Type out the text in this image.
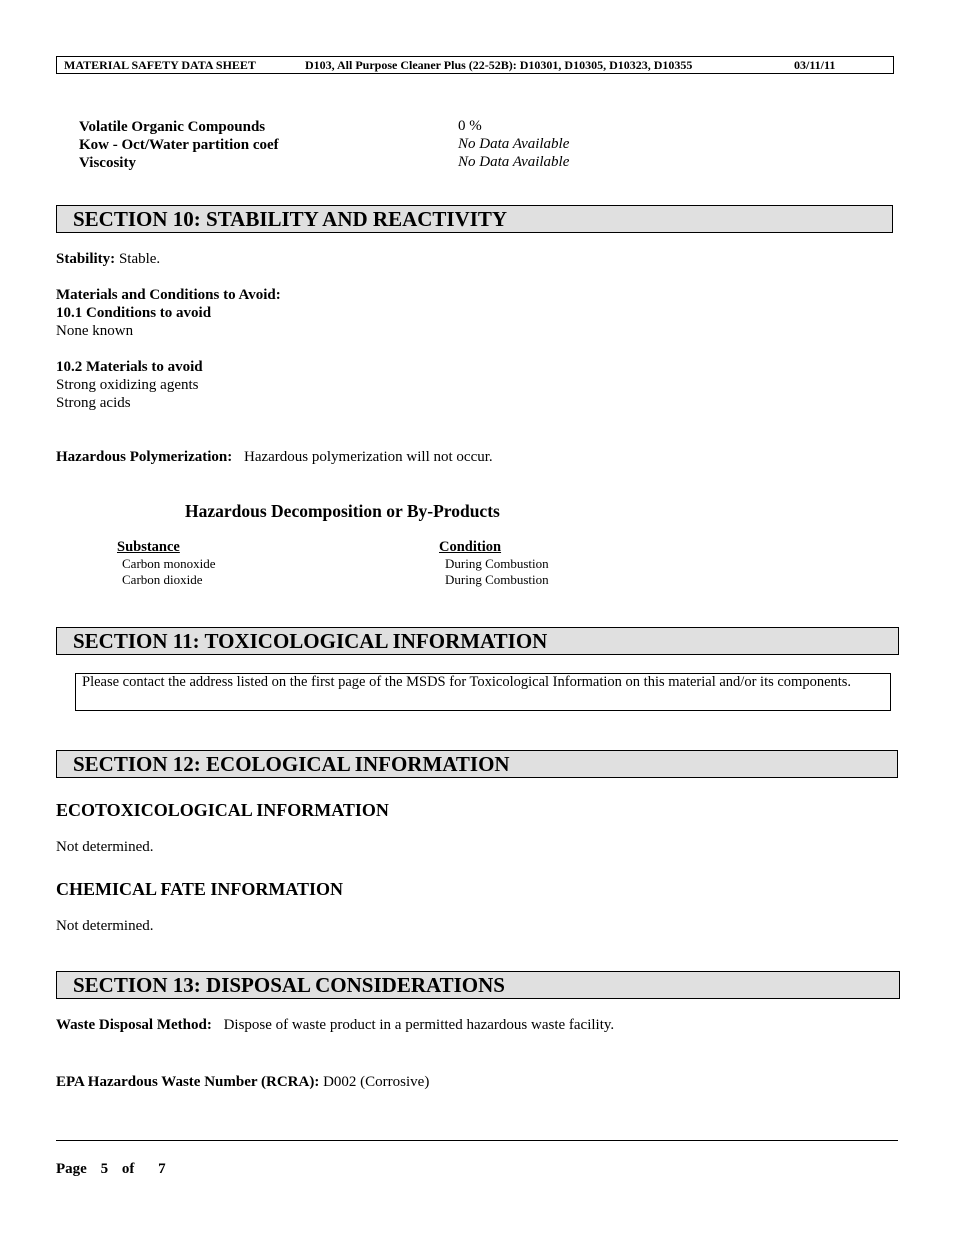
MATERIAL SAFETY DATA SHEET	D103, All Purpose Cleaner Plus (22-52B): D10301, D10305, D10323, D10355	03/11/11
Volatile Organic Compounds	0 %
Kow - Oct/Water partition coef	No Data Available
Viscosity	No Data Available
SECTION 10: STABILITY AND REACTIVITY
Stability: Stable.
Materials and Conditions to Avoid:
10.1 Conditions to avoid
None known
10.2 Materials to avoid
Strong oxidizing agents
Strong acids
Hazardous Polymerization: Hazardous polymerization will not occur.
Hazardous Decomposition or By-Products
Substance	Condition
Carbon monoxide	During Combustion
Carbon dioxide	During Combustion
SECTION 11: TOXICOLOGICAL INFORMATION
Please contact the address listed on the first page of the MSDS for Toxicological Information on this material and/or its components.
SECTION 12: ECOLOGICAL INFORMATION
ECOTOXICOLOGICAL INFORMATION
Not determined.
CHEMICAL FATE INFORMATION
Not determined.
SECTION 13: DISPOSAL CONSIDERATIONS
Waste Disposal Method: Dispose of waste product in a permitted hazardous waste facility.
EPA Hazardous Waste Number (RCRA): D002 (Corrosive)
Page 5 of 7
